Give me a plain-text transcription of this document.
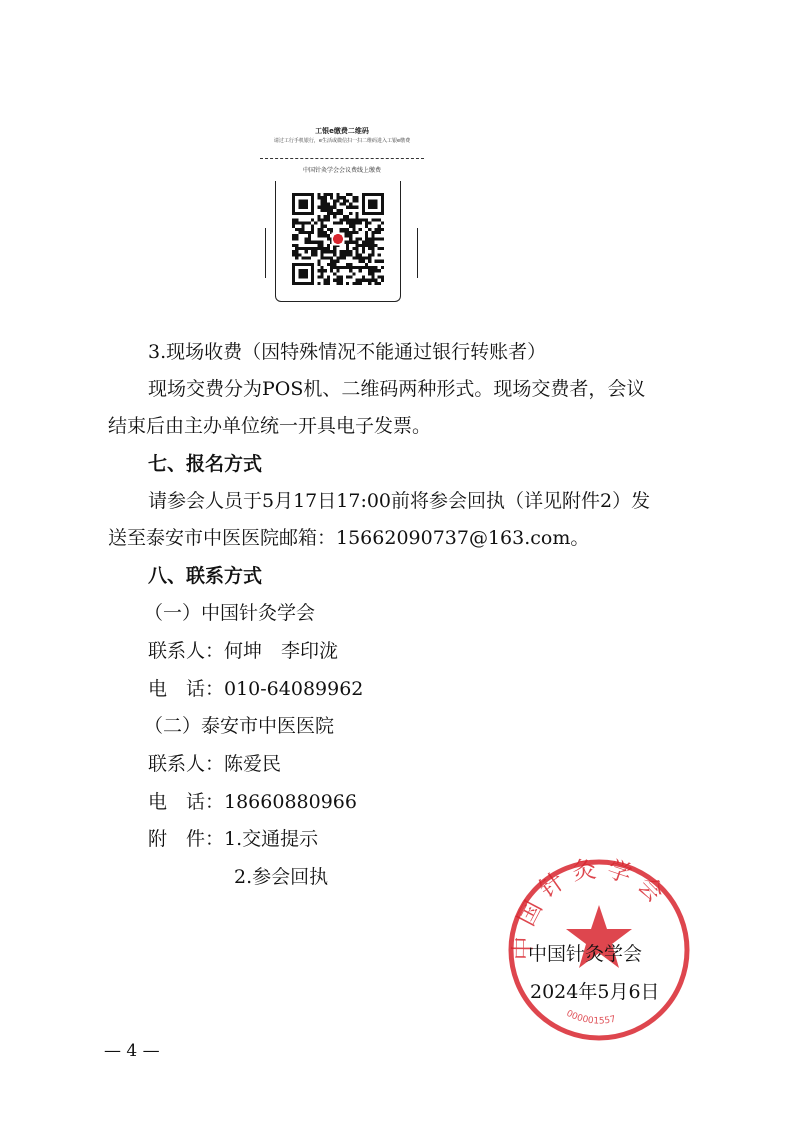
工银e缴费二维码
请过工行手机银行，e生活或微信扫一扫二维码进入工银e缴费
中国针灸学会会议费线上缴费
3.现场收费（因特殊情况不能通过银行转账者）
现场交费分为POS机、二维码两种形式。现场交费者，会议
结束后由主办单位统一开具电子发票。
七、报名方式
请参会人员于5月17日17:00前将参会回执（详见附件2）发
送至泰安市中医医院邮箱：15662090737@163.com。
八、联系方式
（一）中国针灸学会
联系人：何坤　李印泷
电　话：010-64089962
（二）泰安市中医医院
联系人：陈爱民
电　话：18660880966
附　件：1.交通提示
2.参会回执
中国针灸学会
000001557
中国针灸学会
2024年5月6日
— 4 —
